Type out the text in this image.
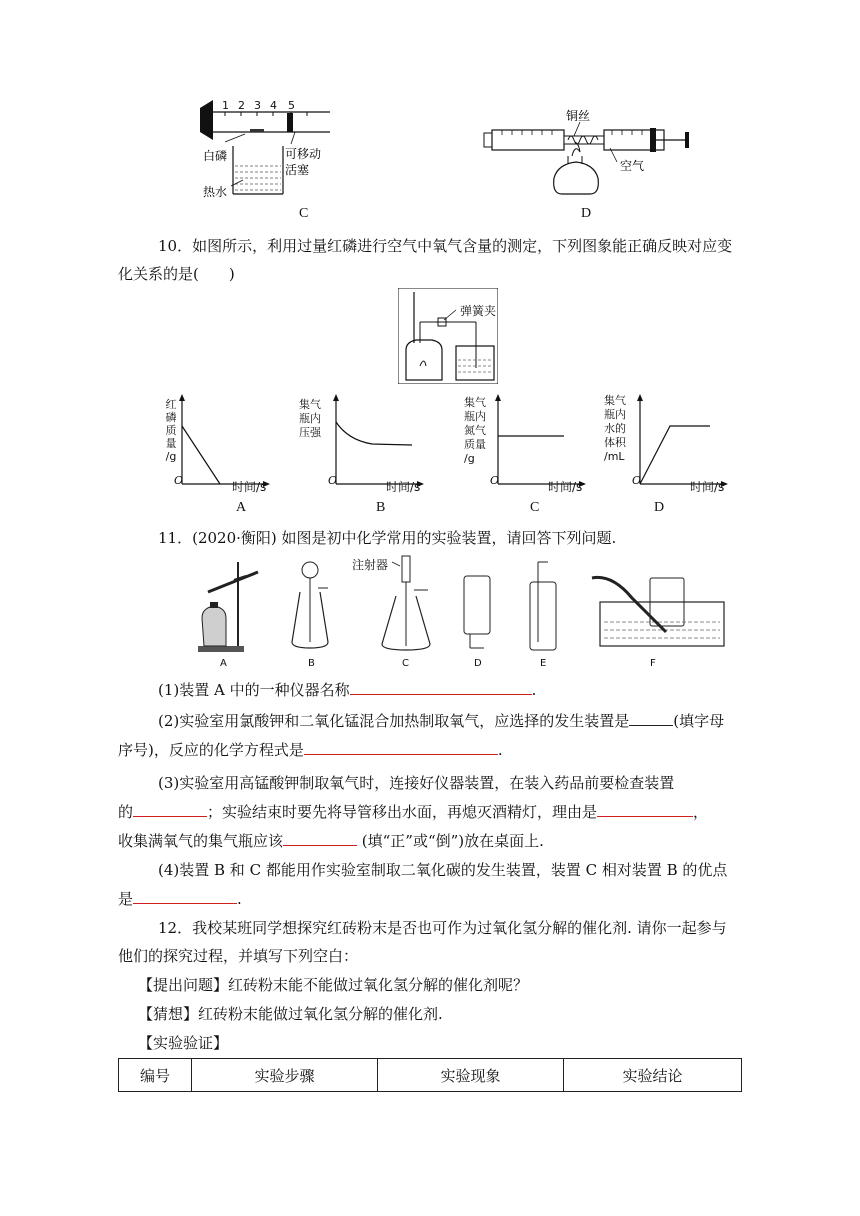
1 2 3 4 5
白磷
热水
可移动
活塞
C
铜丝
空气
D
10．如图所示，利用过量红磷进行空气中氧气含量的测定，下列图象能正确反映对应变
化关系的是(　　)
弹簧夹
红
磷
质
量
/g
集气
瓶内
压强
集气
瓶内
氮气
质量
/g
集气
瓶内
水的
体积
/mL
O	O	O	O
时间/s	时间/s	时间/s	时间/s
A	B	C	D
11．(2020·衡阳) 如图是初中化学常用的实验装置，请回答下列问题.
注射器
A	B	C	D	E	F
(1)装置 A 中的一种仪器名称	.
(2)实验室用氯酸钾和二氧化锰混合加热制取氧气，应选择的发生装置是	(填字母
序号)，反应的化学方程式是	.
(3)实验室用高锰酸钾制取氧气时，连接好仪器装置，在装入药品前要检查装置
的	；实验结束时要先将导管移出水面，再熄灭酒精灯，理由是	，
收集满氧气的集气瓶应该	(填“正”或“倒”)放在桌面上.
(4)装置 B 和 C 都能用作实验室制取二氧化碳的发生装置，装置 C 相对装置 B 的优点
是	.
12．我校某班同学想探究红砖粉末是否也可作为过氧化氢分解的催化剂. 请你一起参与
他们的探究过程，并填写下列空白：
【提出问题】红砖粉末能不能做过氧化氢分解的催化剂呢？
【猜想】红砖粉末能做过氧化氢分解的催化剂.
【实验验证】
编号	实验步骤	实验现象	实验结论
